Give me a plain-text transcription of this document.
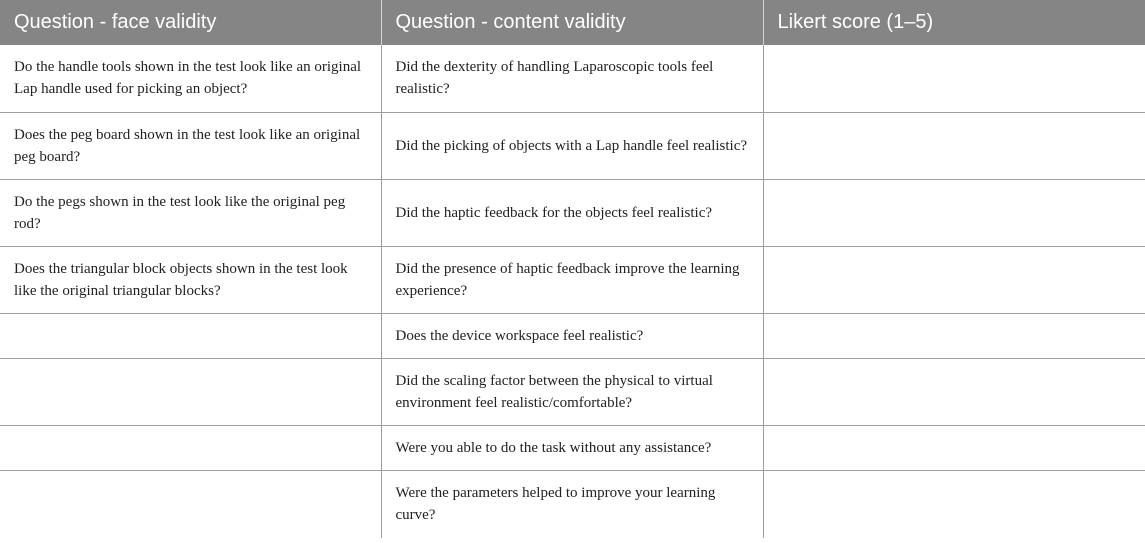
Question - face validity	Question - content validity	Likert score (1–5)
Do the handle tools shown in the test look like an original Lap handle used for picking an object?	Did the dexterity of handling Laparoscopic tools feel realistic?	
Does the peg board shown in the test look like an original peg board?	Did the picking of objects with a Lap handle feel realistic?	
Do the pegs shown in the test look like the original peg rod?	Did the haptic feedback for the objects feel realistic?	
Does the triangular block objects shown in the test look like the original triangular blocks?	Did the presence of haptic feedback improve the learning experience?	
	Does the device workspace feel realistic?	
	Did the scaling factor between the physical to virtual environment feel realistic/comfortable?	
	Were you able to do the task without any assistance?	
	Were the parameters helped to improve your learning curve?	
